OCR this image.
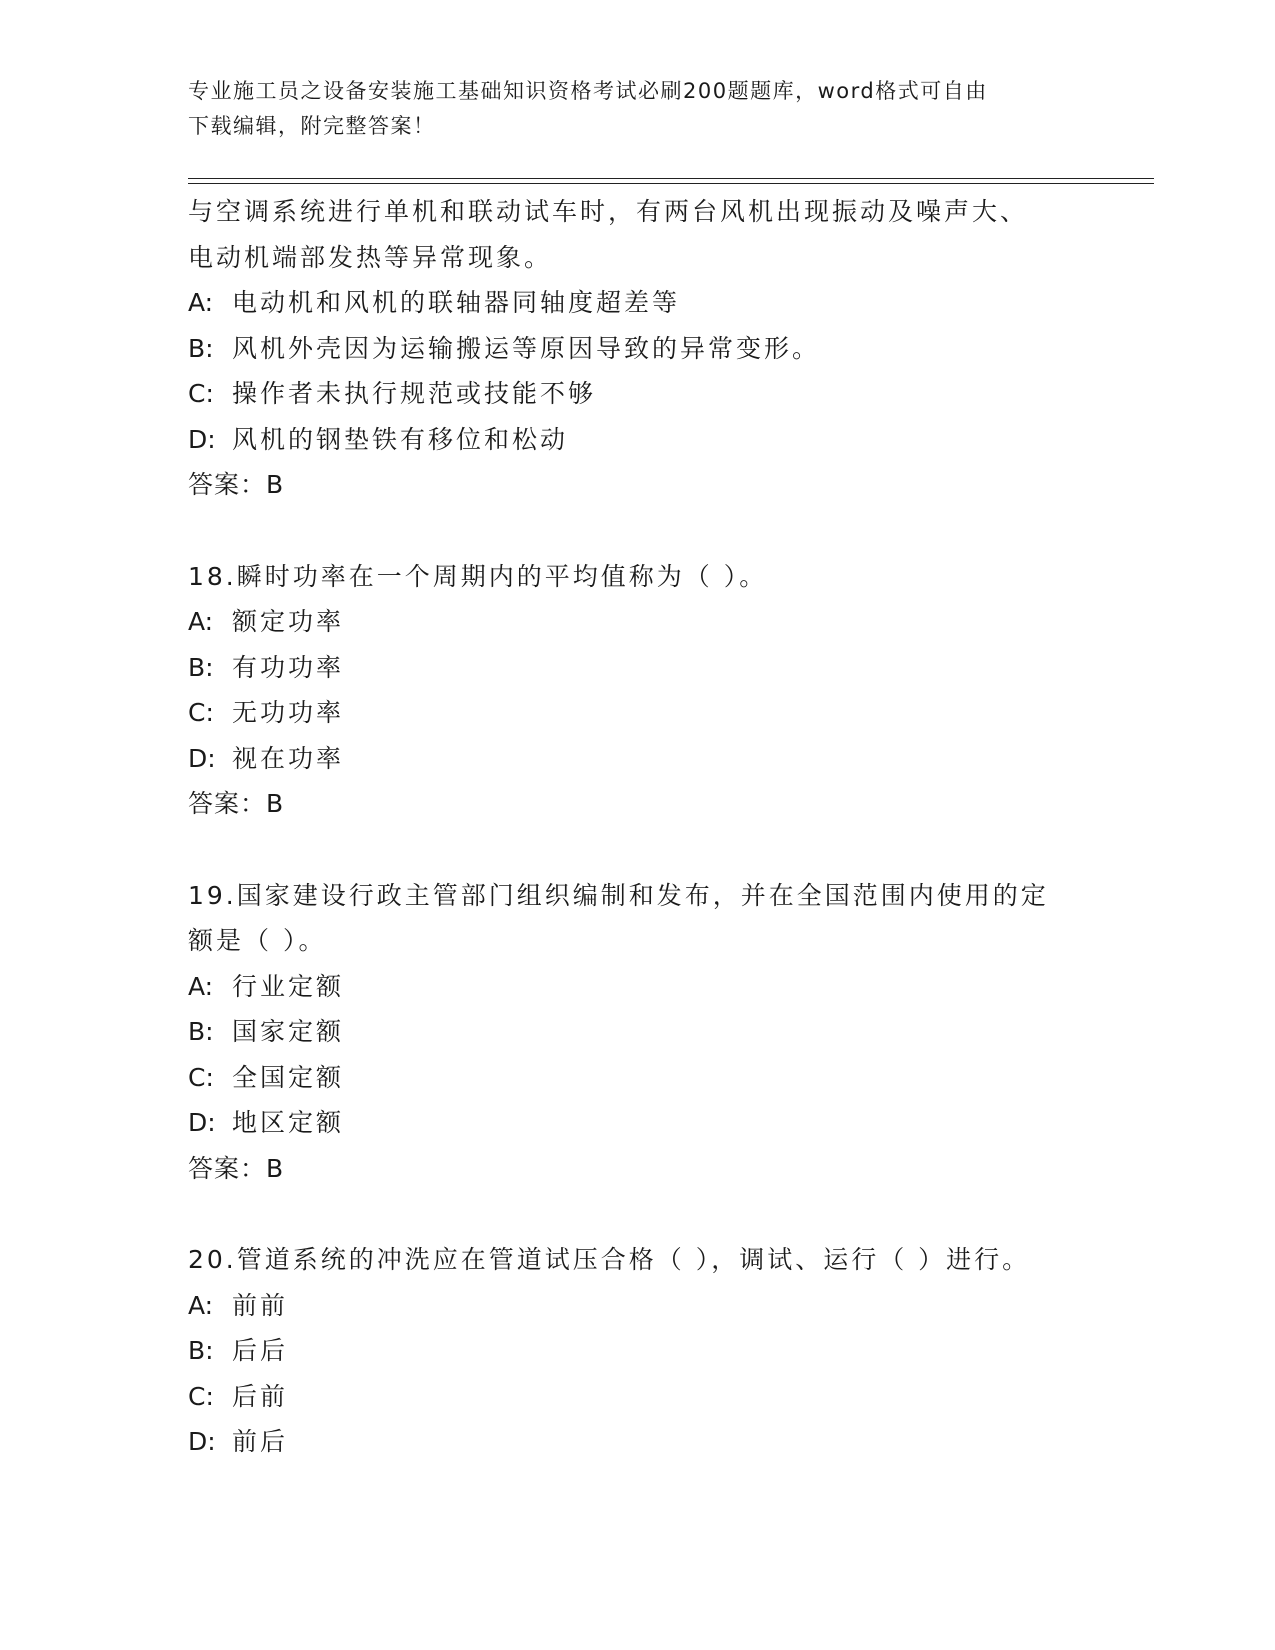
专业施工员之设备安装施工基础知识资格考试必刷200题题库，word格式可自由
下载编辑，附完整答案！
与空调系统进行单机和联动试车时，有两台风机出现振动及噪声大、
电动机端部发热等异常现象。
A: 电动机和风机的联轴器同轴度超差等
B: 风机外壳因为运输搬运等原因导致的异常变形。
C: 操作者未执行规范或技能不够
D: 风机的钢垫铁有移位和松动
答案：B
18.瞬时功率在一个周期内的平均值称为（ ）。
A: 额定功率
B: 有功功率
C: 无功功率
D: 视在功率
答案：B
19.国家建设行政主管部门组织编制和发布，并在全国范围内使用的定
额是（ ）。
A: 行业定额
B: 国家定额
C: 全国定额
D: 地区定额
答案：B
20.管道系统的冲洗应在管道试压合格（ ），调试、运行（ ）进行。
A: 前前
B: 后后
C: 后前
D: 前后
